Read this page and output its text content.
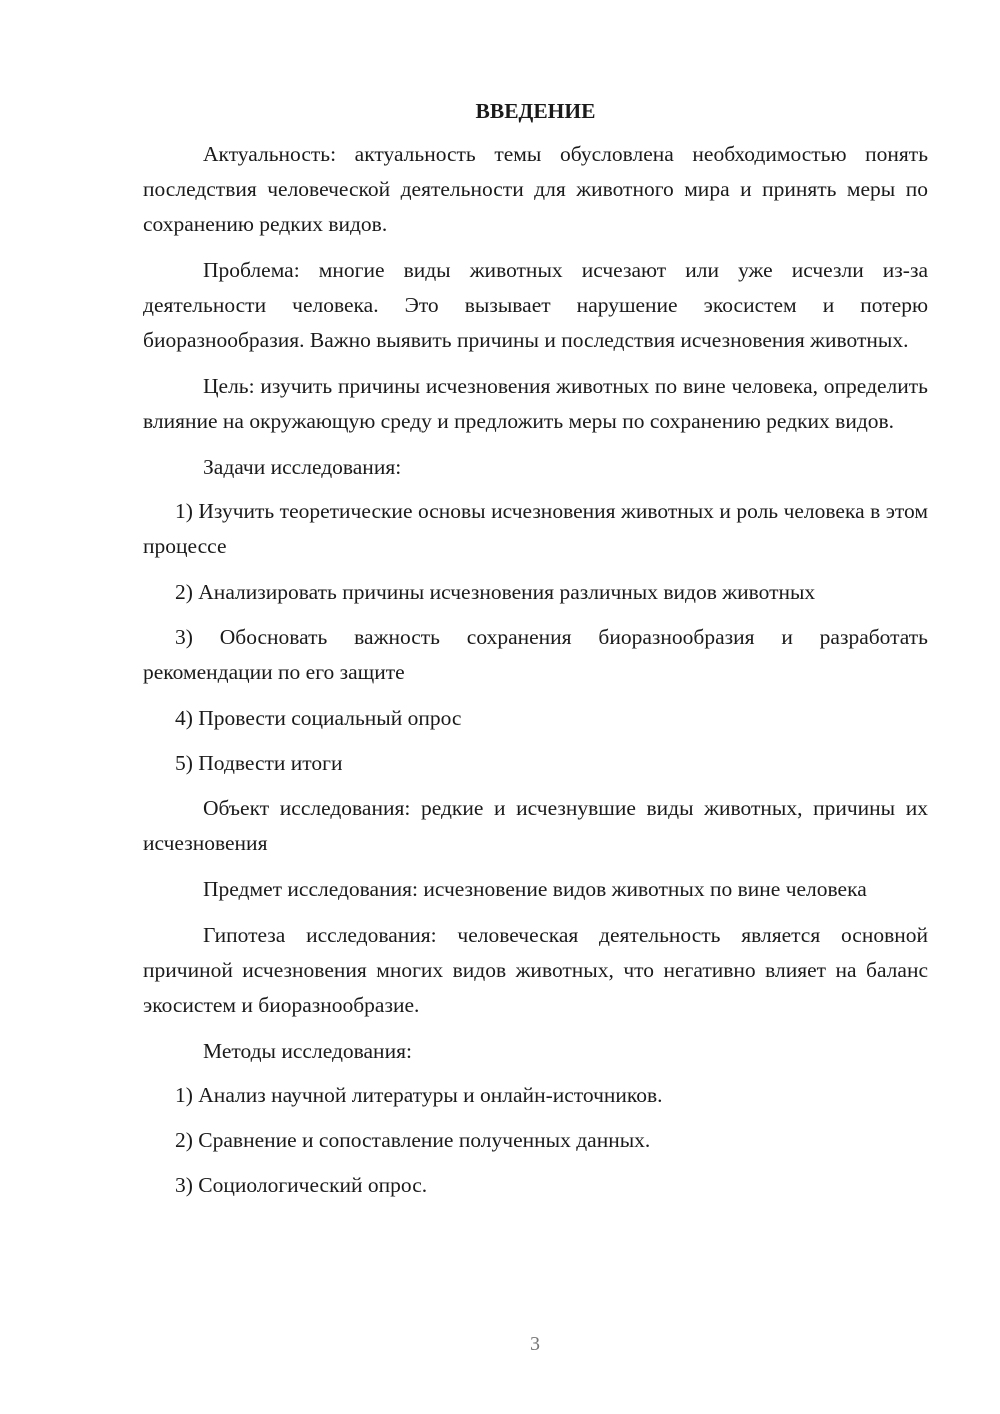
ВВЕДЕНИЕ

Актуальность: актуальность темы обусловлена необходимостью понять последствия человеческой деятельности для животного мира и принять меры по сохранению редких видов.

Проблема: многие виды животных исчезают или уже исчезли из-за деятельности человека. Это вызывает нарушение экосистем и потерю биоразнообразия. Важно выявить причины и последствия исчезновения животных.

Цель: изучить причины исчезновения животных по вине человека, определить влияние на окружающую среду и предложить меры по сохранению редких видов.

Задачи исследования:

1) Изучить теоретические основы исчезновения животных и роль человека в этом процессе

2) Анализировать причины исчезновения различных видов животных

3) Обосновать важность сохранения биоразнообразия и разработать рекомендации по его защите

4) Провести социальный опрос

5) Подвести итоги

Объект исследования: редкие и исчезнувшие виды животных, причины их исчезновения

Предмет исследования: исчезновение видов животных по вине человека

Гипотеза исследования: человеческая деятельность является основной причиной исчезновения многих видов животных, что негативно влияет на баланс экосистем и биоразнообразие.

Методы исследования:

1) Анализ научной литературы и онлайн-источников.

2) Сравнение и сопоставление полученных данных.

3) Социологический опрос.

3
